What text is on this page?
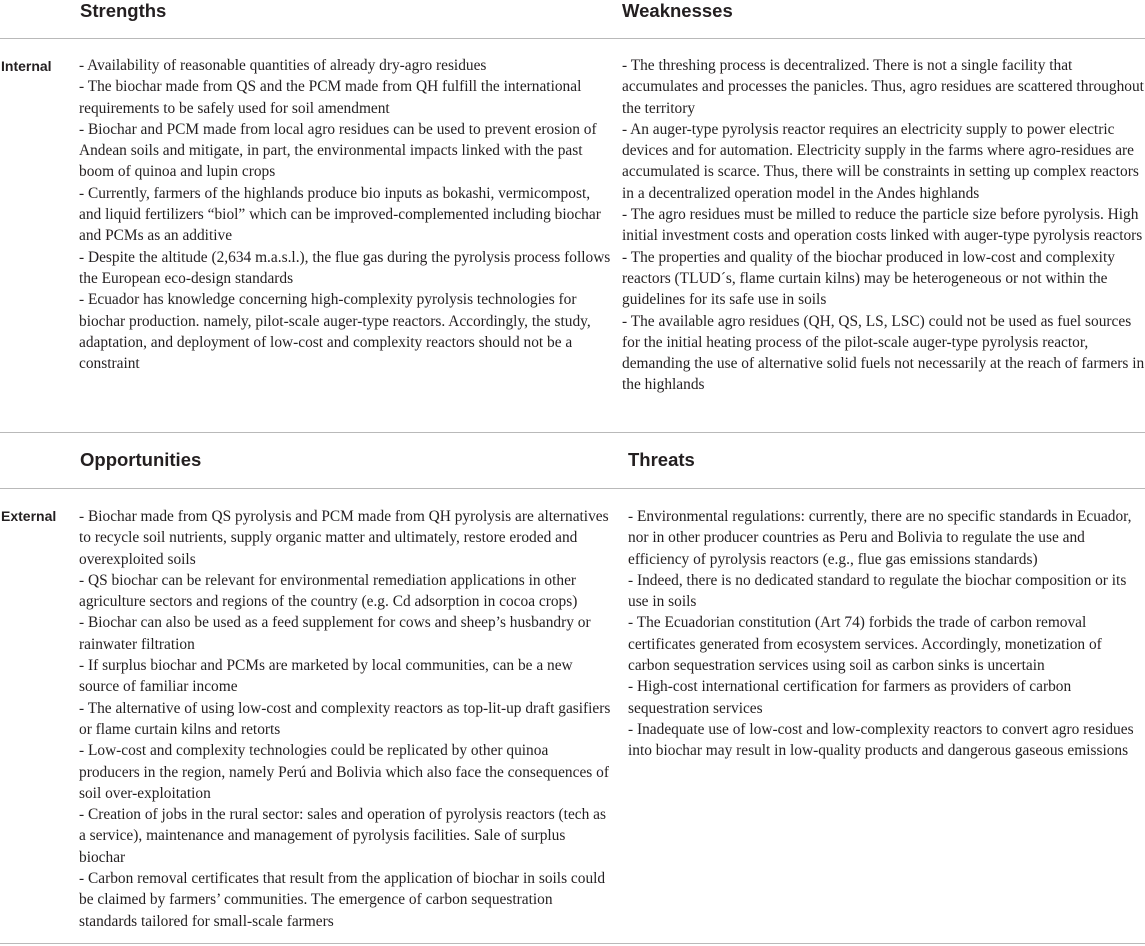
Strengths	Weaknesses
Internal - Availability of reasonable quantities of already dry-agro residues
- The biochar made from QS and the PCM made from QH fulfill the international requirements to be safely used for soil amendment
- Biochar and PCM made from local agro residues can be used to prevent erosion of Andean soils and mitigate, in part, the environmental impacts linked with the past boom of quinoa and lupin crops
- Currently, farmers of the highlands produce bio inputs as bokashi, vermicompost, and liquid fertilizers “biol” which can be improved-complemented including biochar and PCMs as an additive
- Despite the altitude (2,634 m.a.s.l.), the flue gas during the pyrolysis process follows the European eco-design standards
- Ecuador has knowledge concerning high-complexity pyrolysis technologies for biochar production. namely, pilot-scale auger-type reactors. Accordingly, the study, adaptation, and deployment of low-cost and complexity reactors should not be a constraint
- The threshing process is decentralized. There is not a single facility that accumulates and processes the panicles. Thus, agro residues are scattered throughout the territory
- An auger-type pyrolysis reactor requires an electricity supply to power electric devices and for automation. Electricity supply in the farms where agro-residues are accumulated is scarce. Thus, there will be constraints in setting up complex reactors in a decentralized operation model in the Andes highlands
- The agro residues must be milled to reduce the particle size before pyrolysis. High initial investment costs and operation costs linked with auger-type pyrolysis reactors
- The properties and quality of the biochar produced in low-cost and complexity reactors (TLUD´s, flame curtain kilns) may be heterogeneous or not within the guidelines for its safe use in soils
- The available agro residues (QH, QS, LS, LSC) could not be used as fuel sources for the initial heating process of the pilot-scale auger-type pyrolysis reactor, demanding the use of alternative solid fuels not necessarily at the reach of farmers in the highlands
Opportunities	Threats
External - Biochar made from QS pyrolysis and PCM made from QH pyrolysis are alternatives to recycle soil nutrients, supply organic matter and ultimately, restore eroded and overexploited soils
- QS biochar can be relevant for environmental remediation applications in other agriculture sectors and regions of the country (e.g. Cd adsorption in cocoa crops)
- Biochar can also be used as a feed supplement for cows and sheep’s husbandry or rainwater filtration
- If surplus biochar and PCMs are marketed by local communities, can be a new source of familiar income
- The alternative of using low-cost and complexity reactors as top-lit-up draft gasifiers or flame curtain kilns and retorts
- Low-cost and complexity technologies could be replicated by other quinoa producers in the region, namely Perú and Bolivia which also face the consequences of soil over-exploitation
- Creation of jobs in the rural sector: sales and operation of pyrolysis reactors (tech as a service), maintenance and management of pyrolysis facilities. Sale of surplus biochar
- Carbon removal certificates that result from the application of biochar in soils could be claimed by farmers’ communities. The emergence of carbon sequestration standards tailored for small-scale farmers
- Environmental regulations: currently, there are no specific standards in Ecuador, nor in other producer countries as Peru and Bolivia to regulate the use and efficiency of pyrolysis reactors (e.g., flue gas emissions standards)
- Indeed, there is no dedicated standard to regulate the biochar composition or its use in soils
- The Ecuadorian constitution (Art 74) forbids the trade of carbon removal certificates generated from ecosystem services. Accordingly, monetization of carbon sequestration services using soil as carbon sinks is uncertain
- High-cost international certification for farmers as providers of carbon sequestration services
- Inadequate use of low-cost and low-complexity reactors to convert agro residues into biochar may result in low-quality products and dangerous gaseous emissions
